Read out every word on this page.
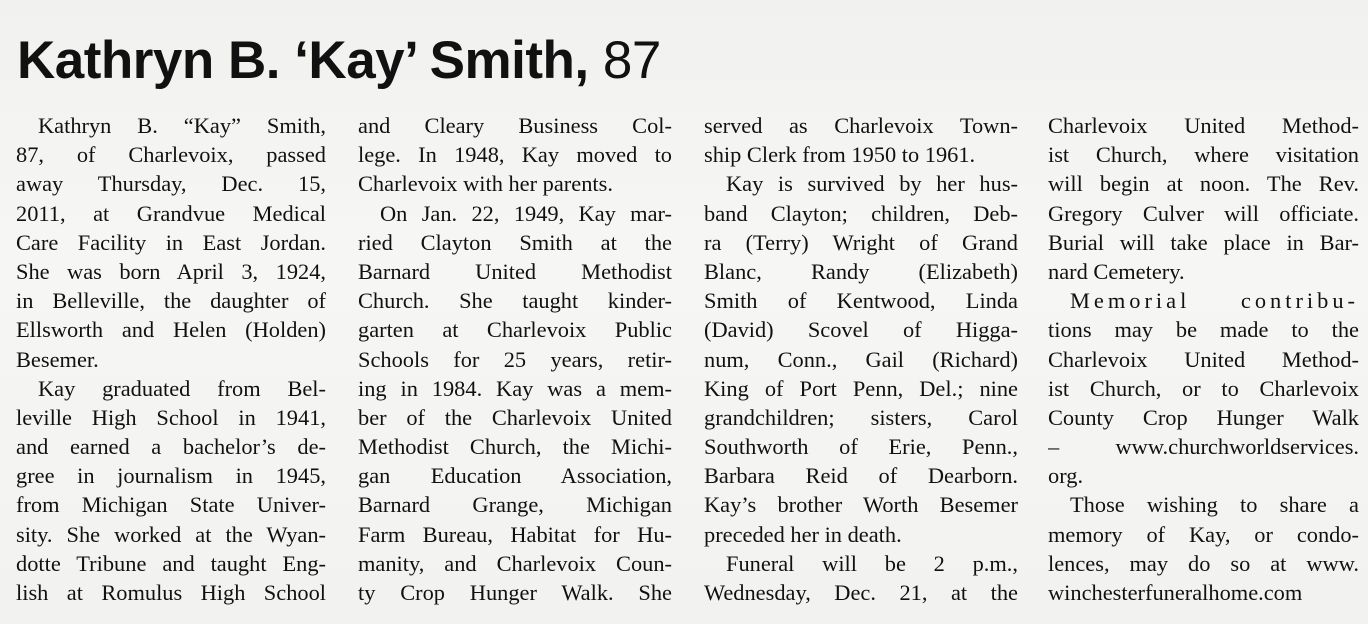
Kathryn B. ‘Kay’ Smith, 87
Kathryn B. “Kay” Smith,
87, of Charlevoix, passed
away Thursday, Dec. 15,
2011, at Grandvue Medical
Care Facility in East Jordan.
She was born April 3, 1924,
in Belleville, the daughter of
Ellsworth and Helen (Holden)
Besemer.
Kay graduated from Bel-
leville High School in 1941,
and earned a bachelor’s de-
gree in journalism in 1945,
from Michigan State Univer-
sity. She worked at the Wyan-
dotte Tribune and taught Eng-
lish at Romulus High School
and Cleary Business Col-
lege. In 1948, Kay moved to
Charlevoix with her parents.
On Jan. 22, 1949, Kay mar-
ried Clayton Smith at the
Barnard United Methodist
Church. She taught kinder-
garten at Charlevoix Public
Schools for 25 years, retir-
ing in 1984. Kay was a mem-
ber of the Charlevoix United
Methodist Church, the Michi-
gan Education Association,
Barnard Grange, Michigan
Farm Bureau, Habitat for Hu-
manity, and Charlevoix Coun-
ty Crop Hunger Walk. She
served as Charlevoix Town-
ship Clerk from 1950 to 1961.
Kay is survived by her hus-
band Clayton; children, Deb-
ra (Terry) Wright of Grand
Blanc, Randy (Elizabeth)
Smith of Kentwood, Linda
(David) Scovel of Higga-
num, Conn., Gail (Richard)
King of Port Penn, Del.; nine
grandchildren; sisters, Carol
Southworth of Erie, Penn.,
Barbara Reid of Dearborn.
Kay’s brother Worth Besemer
preceded her in death.
Funeral will be 2 p.m.,
Wednesday, Dec. 21, at the
Charlevoix United Method-
ist Church, where visitation
will begin at noon. The Rev.
Gregory Culver will officiate.
Burial will take place in Bar-
nard Cemetery.
Memorial contribu-
tions may be made to the
Charlevoix United Method-
ist Church, or to Charlevoix
County Crop Hunger Walk
– www.churchworldservices.
org.
Those wishing to share a
memory of Kay, or condo-
lences, may do so at www.
winchesterfuneralhome.com
